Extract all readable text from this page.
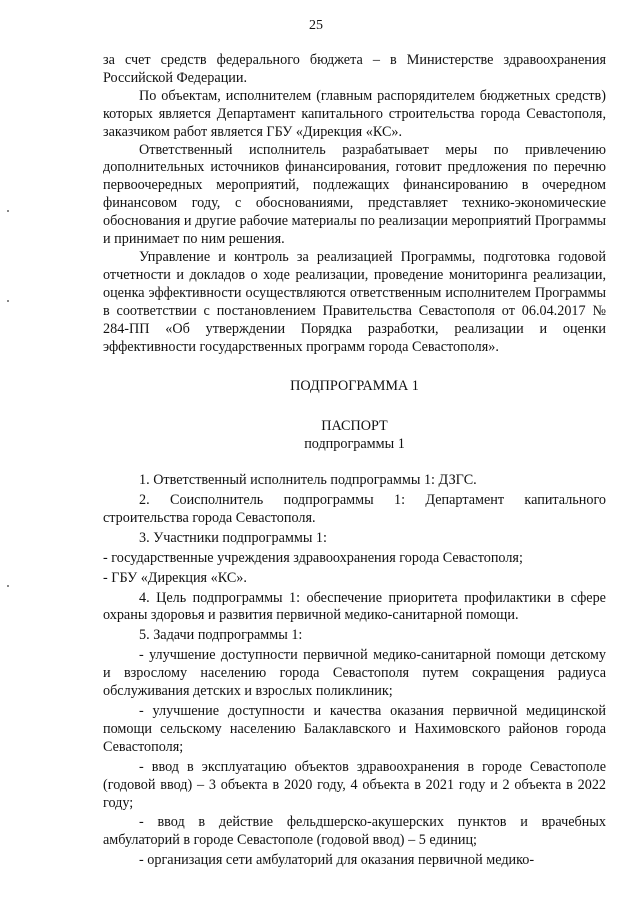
25

за счет средств федерального бюджета – в Министерстве здравоохранения Российской Федерации.

По объектам, исполнителем (главным распорядителем бюджетных средств) которых является Департамент капитального строительства города Севастополя, заказчиком работ является ГБУ «Дирекция «КС».

Ответственный исполнитель разрабатывает меры по привлечению дополнительных источников финансирования, готовит предложения по перечню первоочередных мероприятий, подлежащих финансированию в очередном финансовом году, с обоснованиями, представляет технико-экономические обоснования и другие рабочие материалы по реализации мероприятий Программы и принимает по ним решения.

Управление и контроль за реализацией Программы, подготовка годовой отчетности и докладов о ходе реализации, проведение мониторинга реализации, оценка эффективности осуществляются ответственным исполнителем Программы в соответствии с постановлением Правительства Севастополя от 06.04.2017 № 284-ПП «Об утверждении Порядка разработки, реализации и оценки эффективности государственных программ города Севастополя».

ПОДПРОГРАММА 1

ПАСПОРТ

подпрограммы 1

1. Ответственный исполнитель подпрограммы 1: ДЗГС.

2. Соисполнитель подпрограммы 1: Департамент капитального строительства города Севастополя.

3. Участники подпрограммы 1:

- государственные учреждения здравоохранения города Севастополя;

- ГБУ «Дирекция «КС».

4. Цель подпрограммы 1: обеспечение приоритета профилактики в сфере охраны здоровья и развития первичной медико-санитарной помощи.

5. Задачи подпрограммы 1:

- улучшение доступности первичной медико-санитарной помощи детскому и взрослому населению города Севастополя путем сокращения радиуса обслуживания детских и взрослых поликлиник;

- улучшение доступности и качества оказания первичной медицинской помощи сельскому населению Балаклавского и Нахимовского районов города Севастополя;

- ввод в эксплуатацию объектов здравоохранения в городе Севастополе (годовой ввод) – 3 объекта в 2020 году, 4 объекта в 2021 году и 2 объекта в 2022 году;

- ввод в действие фельдшерско-акушерских пунктов и врачебных амбулаторий в городе Севастополе (годовой ввод) – 5 единиц;

- организация сети амбулаторий для оказания первичной медико-
